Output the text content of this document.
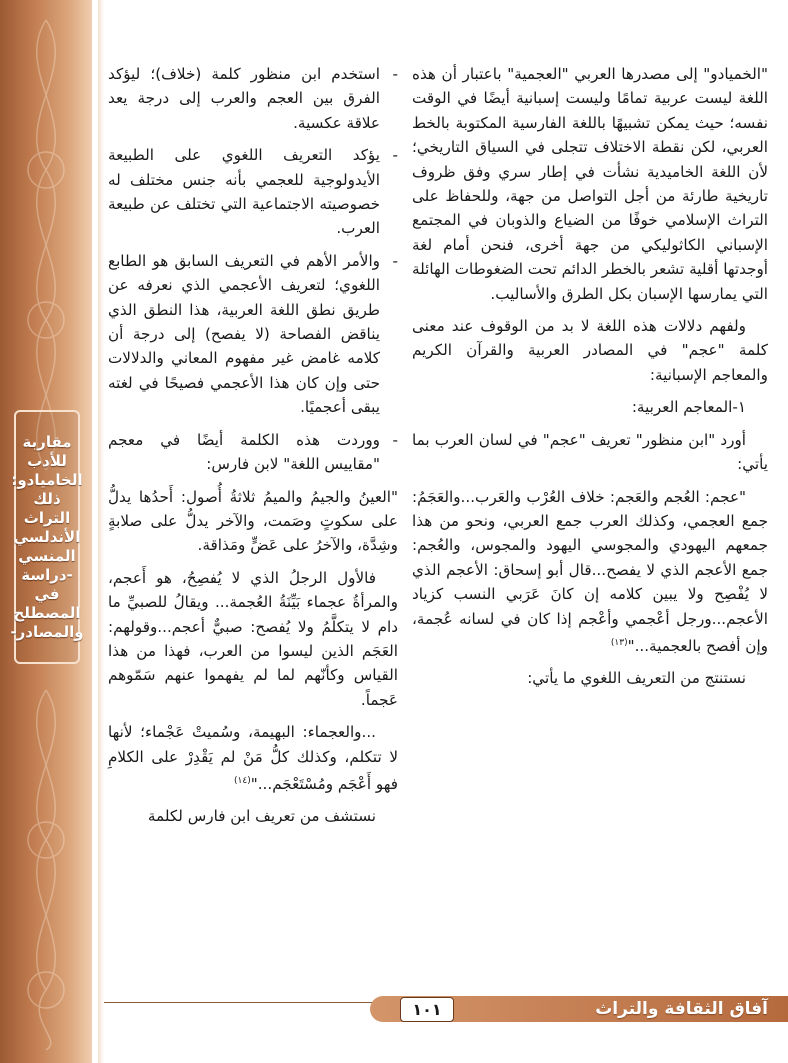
مقاربة
للأدب
الخاميادو:
ذلك التراث
الأندلسي
المنسي
-دراسة في
المصطلح
والمصادر-

"الخميادو" إلى مصدرها العربي "العجمية" باعتبار أن هذه اللغة ليست عربية تمامًا وليست إسبانية أيضًا في الوقت نفسه؛ حيث يمكن تشبيهًا باللغة الفارسية المكتوبة بالخط العربي، لكن نقطة الاختلاف تتجلى في السياق التاريخي؛ لأن اللغة الخاميدية نشأت في إطار سري وفق ظروف تاريخية طارئة من أجل التواصل من جهة، وللحفاظ على التراث الإسلامي خوفًا من الضياع والذوبان في المجتمع الإسباني الكاثوليكي من جهة أخرى، فنحن أمام لغة أوجدتها أقلية تشعر بالخطر الدائم تحت الضغوطات الهائلة التي يمارسها الإسبان بكل الطرق والأساليب.

ولفهم دلالات هذه اللغة لا بد من الوقوف عند معنى كلمة "عجم" في المصادر العربية والقرآن الكريم والمعاجم الإسبانية:

١-المعاجم العربية:

أورد "ابن منظور" تعريف "عجم" في لسان العرب بما يأتي:

"عجم: العُجم والعَجم: خلاف العُرْب والعَرب...والعَجَمُ: جمع العجمي، وكذلك العرب جمع العربي، ونحو من هذا جمعهم اليهودي والمجوسي اليهود والمجوس، والعُجم: جمع الأعجم الذي لا يفصح...قال أبو إسحاق: الأعجم الذي لا يُفْصِح ولا يبين كلامه إن كانَ عَرَبي النسب كزياد الأعجم...ورجل أعْجمي وأعْجم إذا كان في لسانه عُجمة، وإن أفصح بالعجمية..."$^{(١٣)}$

نستنتج من التعريف اللغوي ما يأتي:

-
استخدم ابن منظور كلمة (خلاف)؛ ليؤكد الفرق بين العجم والعرب إلى درجة يعد علاقة عكسية.

-
يؤكد التعريف اللغوي على الطبيعة الأيدولوجية للعجمي بأنه جنس مختلف له خصوصيته الاجتماعية التي تختلف عن طبيعة العرب.

-
والأمر الأهم في التعريف السابق هو الطابع اللغوي؛ لتعريف الأعجمي الذي نعرفه عن طريق نطق اللغة العربية، هذا النطق الذي يناقض الفصاحة (لا يفصح) إلى درجة أن كلامه غامض غير مفهوم المعاني والدلالات حتى وإن كان هذا الأعجمي فصيحًا في لغته يبقى أعجميًا.

-
ووردت هذه الكلمة أيضًا في معجم "مقاييس اللغة" لابن فارس:

"العينُ والجيمُ والميمُ ثلاثةُ أُصول: أَحدُها يدلُّ على سكوتٍ وصَمت، والآخر يدلُّ على صلابةٍ وشِدَّة، والآخرُ على عَضٍّ ومَذاقة.

فالأول الرجلُ الذي لا يُفصِحُ، هو أَعجم، والمرأةُ عجماء بَيِّنَةُ العُجمة... ويقالُ للصبيِّ ما دام لا يتكلَّمُ ولا يُفصح: صبيٌّ أعجم...وقولهم: العَجَم الذين ليسوا من العرب، فهذا من هذا القياس وكأنّهم لما لم يفهموا عنهم سَمّوهم عَجماً.

...والعجماء: البهيمة، وسُميتْ عَجْماء؛ لأنها لا تتكلم، وكذلك كلُّ مَنْ لم يَقْدِرْ على الكلامِ فهو أَعْجَم ومُسْتَعْجَم..."$^{(١٤)}$

نستشف من تعريف ابن فارس لكلمة

آفاق الثقافة والتراث
١٠١
